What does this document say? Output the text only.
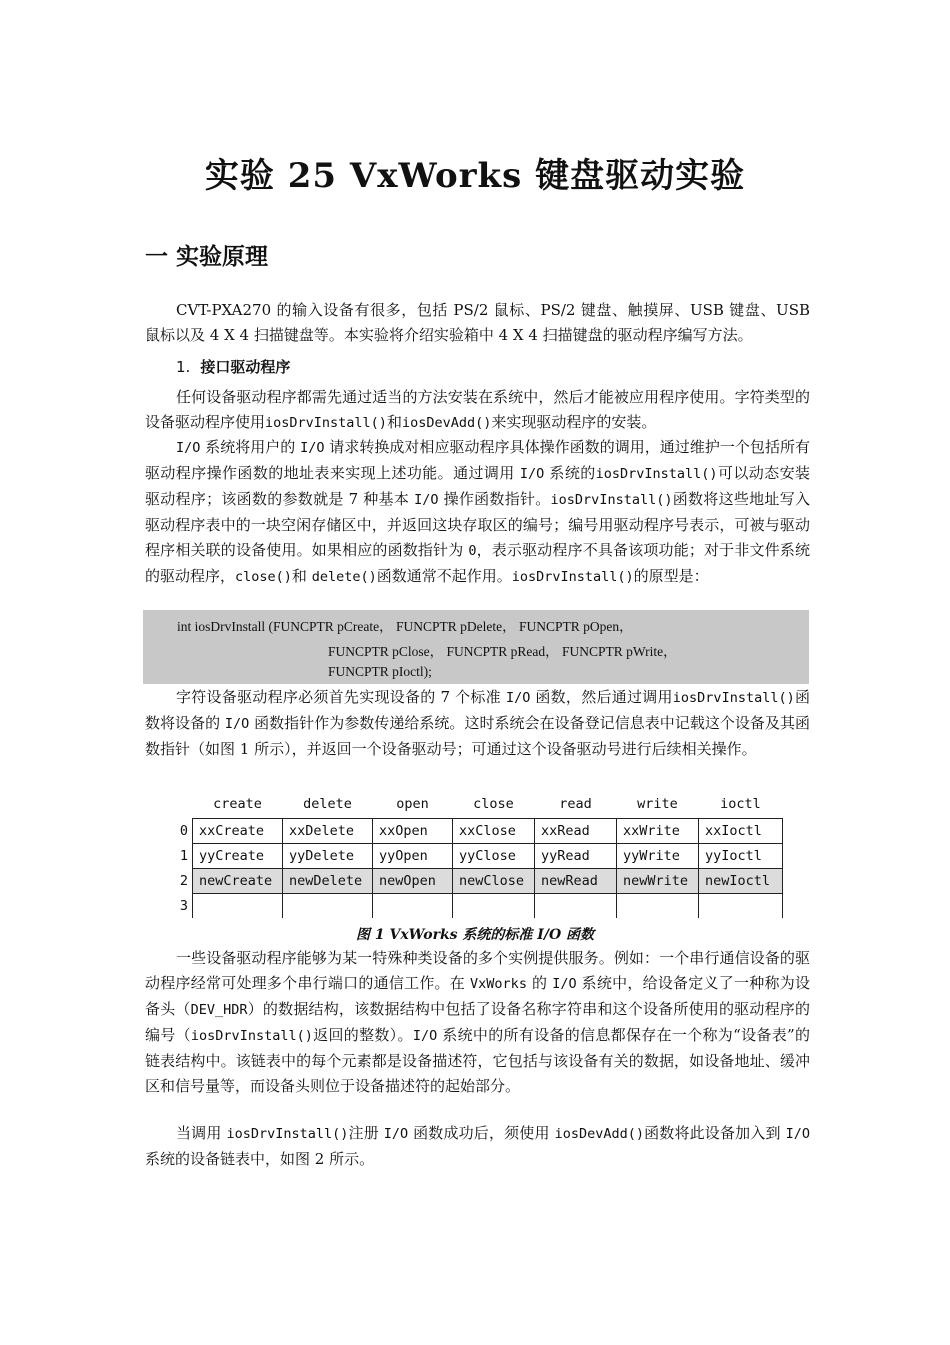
实验 25 VxWorks 键盘驱动实验
一 实验原理

CVT-PXA270 的输入设备有很多，包括 PS/2 鼠标、PS/2 键盘、触摸屏、USB 键盘、USB 鼠标以及 4 X 4 扫描键盘等。本实验将介绍实验箱中 4 X 4 扫描键盘的驱动程序编写方法。

1. 接口驱动程序

任何设备驱动程序都需先通过适当的方法安装在系统中，然后才能被应用程序使用。字符类型的设备驱动程序使用iosDrvInstall()和iosDevAdd()来实现驱动程序的安装。

I/O 系统将用户的 I/O 请求转换成对相应驱动程序具体操作函数的调用，通过维护一个包括所有驱动程序操作函数的地址表来实现上述功能。通过调用 I/O 系统的iosDrvInstall()可以动态安装驱动程序；该函数的参数就是 7 种基本 I/O 操作函数指针。iosDrvInstall()函数将这些地址写入驱动程序表中的一块空闲存储区中，并返回这块存取区的编号；编号用驱动程序号表示，可被与驱动程序相关联的设备使用。如果相应的函数指针为 0，表示驱动程序不具备该项功能；对于非文件系统的驱动程序，close()和 delete()函数通常不起作用。iosDrvInstall()的原型是：

int iosDrvInstall (FUNCPTR pCreate， FUNCPTR pDelete， FUNCPTR pOpen，
FUNCPTR pClose， FUNCPTR pRead， FUNCPTR pWrite，
FUNCPTR pIoctl);

字符设备驱动程序必须首先实现设备的 7 个标准 I/O 函数，然后通过调用iosDrvInstall()函数将设备的 I/O 函数指针作为参数传递给系统。这时系统会在设备登记信息表中记载这个设备及其函数指针（如图 1 所示），并返回一个设备驱动号；可通过这个设备驱动号进行后续相关操作。

	create	delete	open	close	read	write	ioctl
0	xxCreate	xxDelete	xxOpen	xxClose	xxRead	xxWrite	xxIoctl
1	yyCreate	yyDelete	yyOpen	yyClose	yyRead	yyWrite	yyIoctl
2	newCreate	newDelete	newOpen	newClose	newRead	newWrite	newIoctl
3							
图 1 VxWorks 系统的标准 I/O 函数

一些设备驱动程序能够为某一特殊种类设备的多个实例提供服务。例如：一个串行通信设备的驱动程序经常可处理多个串行端口的通信工作。在 VxWorks 的 I/O 系统中，给设备定义了一种称为设备头（DEV_HDR）的数据结构，该数据结构中包括了设备名称字符串和这个设备所使用的驱动程序的编号（iosDrvInstall()返回的整数）。I/O 系统中的所有设备的信息都保存在一个称为“设备表”的链表结构中。该链表中的每个元素都是设备描述符，它包括与该设备有关的数据，如设备地址、缓冲区和信号量等，而设备头则位于设备描述符的起始部分。

当调用 iosDrvInstall()注册 I/O 函数成功后，须使用 iosDevAdd()函数将此设备加入到 I/O 系统的设备链表中，如图 2 所示。
